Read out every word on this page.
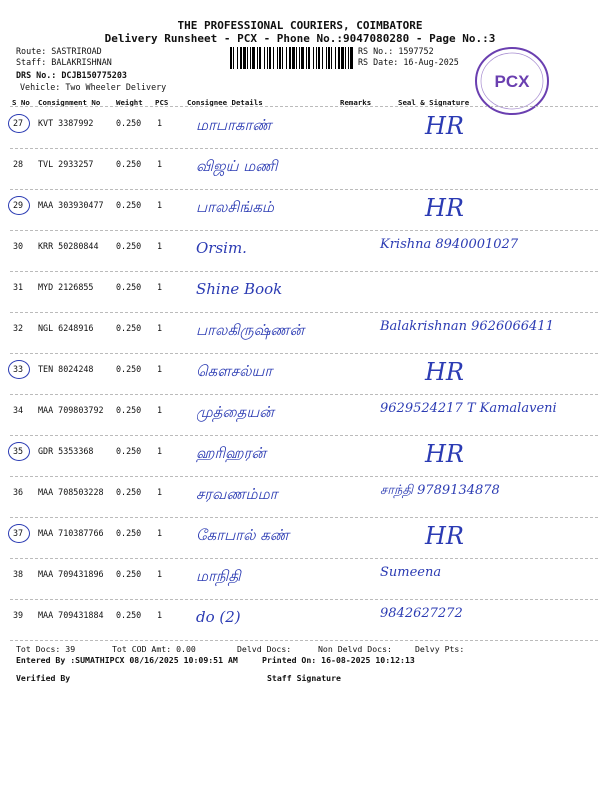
THE PROFESSIONAL COURIERS, COIMBATORE
Delivery Runsheet - PCX - Phone No.:9047080280 - Page No.:3
Route: SASTRIROAD
Staff: BALAKRISHNAN
DRS No.: DCJB150775203
Vehicle: Two Wheeler Delivery
RS No.: 1597752
RS Date: 16-Aug-2025
PCX
S No Consignment No Weight PCS	Consignee Details	Remarks	Seal & Signature
27 KVT 3387992	0.250 1 மாபாகாண்	HR
28 TVL 2933257	0.250 1 விஜய் மணி
29 MAA 303930477 0.250 1 பாலசிங்கம்	HR
30 KRR 50280844 0.250 1 Orsim.	Krishna 8940001027
31 MYD 2126855	0.250 1 Shine Book
32 NGL 6248916	0.250 1 பாலகிருஷ்ணன்	Balakrishnan 9626066411
33 TEN 8024248	0.250 1 கௌசல்யா	HR
34 MAA 709803792 0.250 1 முத்தையன்	9629524217 T Kamalaveni
35 GDR 5353368	0.250 1 ஹரிஹரன்	HR
36 MAA 708503228 0.250 1 சரவணம்மா	சாந்தி 9789134878
37 MAA 710387766 0.250 1 கோபால் கண்	HR
38 MAA 709431896 0.250 1 மாநிதி	Sumeena
39 MAA 709431884 0.250 1 do (2)	9842627272
Tot Docs: 39	Tot COD Amt: 0.00	Delvd Docs:	Non Delvd Docs:	Delvy Pts:
Entered By :SUMATHIPCX 08/16/2025 10:09:51 AM	Printed On: 16-08-2025 10:12:13
Verified By	Staff Signature
